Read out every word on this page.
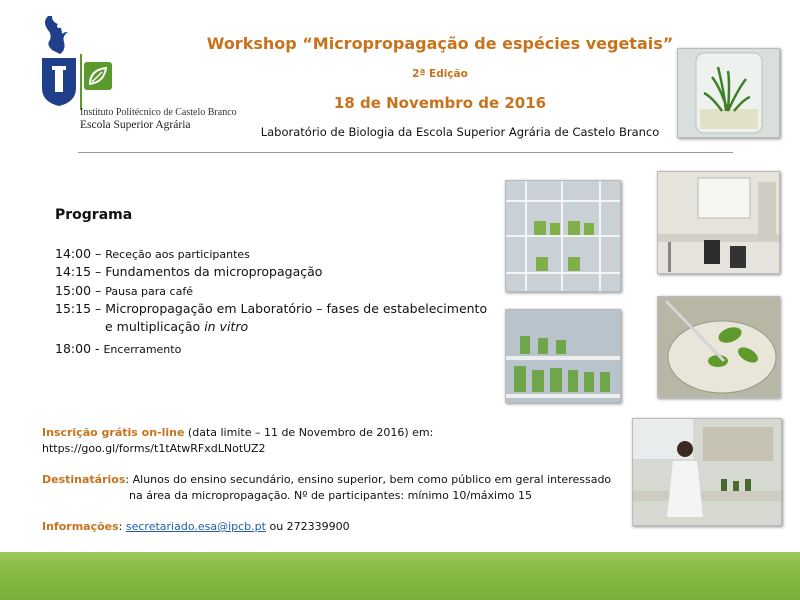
Instituto Politécnico de Castelo Branco
Escola Superior Agrária
Workshop “Micropropagação de espécies vegetais”
2ª Edição
18 de Novembro de 2016
Laboratório de Biologia da Escola Superior Agrária de Castelo Branco
Programa
14:00 – Receção aos participantes
14:15 – Fundamentos da micropropagação
15:00 – Pausa para café
15:15 – Micropropagação em Laboratório – fases de estabelecimento
e multiplicação in vitro
18:00 - Encerramento
Inscrição grátis on-line (data limite – 11 de Novembro de 2016) em:
https://goo.gl/forms/t1tAtwRFxdLNotUZ2
Destinatários: Alunos do ensino secundário, ensino superior, bem como público em geral interessado
na área da micropropagação. Nº de participantes: mínimo 10/máximo 15
Informações: secretariado.esa@ipcb.pt ou 272339900
